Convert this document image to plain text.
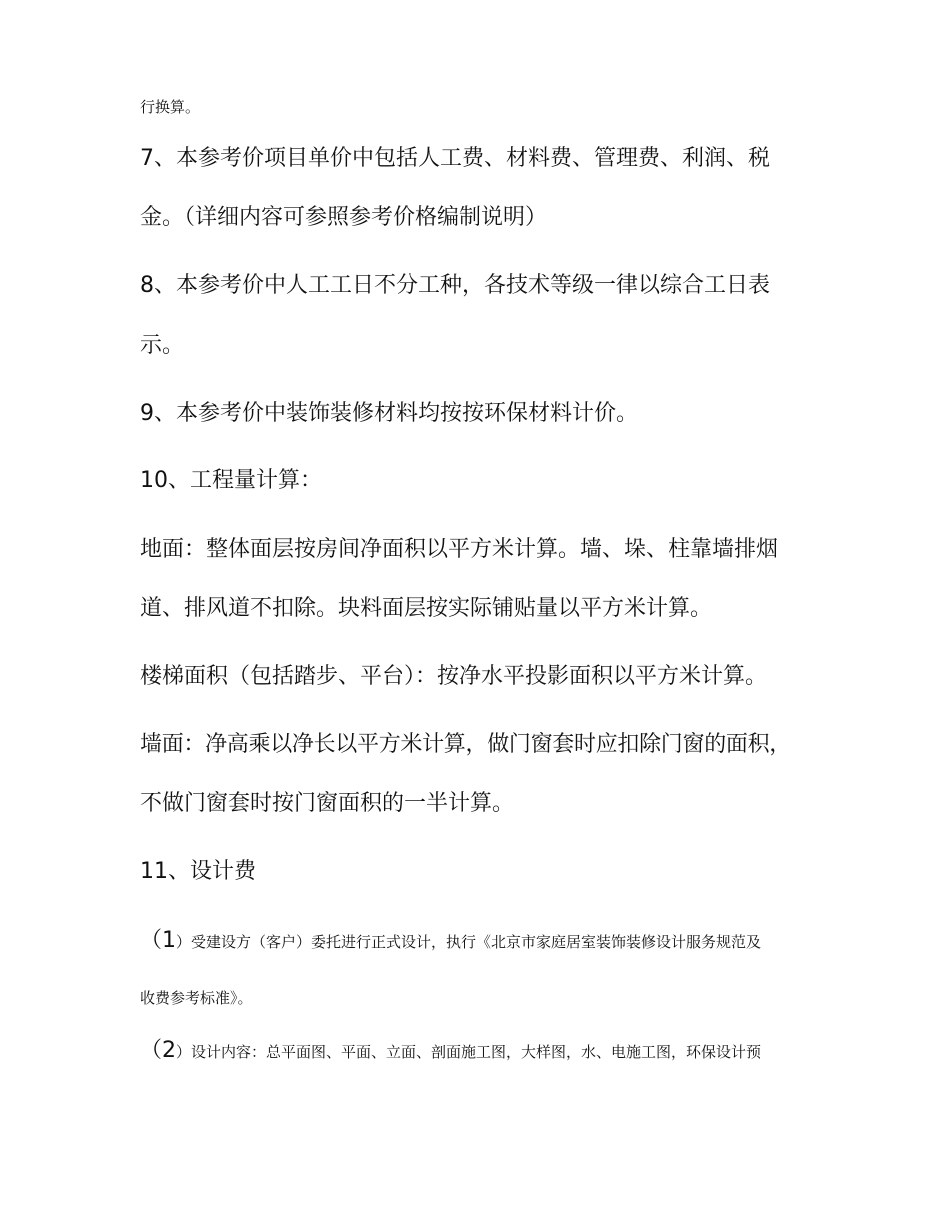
行换算。
7、本参考价项目单价中包括人工费、材料费、管理费、利润、税
金。（详细内容可参照参考价格编制说明）
8、本参考价中人工工日不分工种，各技术等级一律以综合工日表
示。
9、本参考价中装饰装修材料均按按环保材料计价。
10、工程量计算：
地面：整体面层按房间净面积以平方米计算。墙、垛、柱靠墙排烟
道、排风道不扣除。块料面层按实际铺贴量以平方米计算。
楼梯面积（包括踏步、平台）：按净水平投影面积以平方米计算。
墙面：净高乘以净长以平方米计算，做门窗套时应扣除门窗的面积，
不做门窗套时按门窗面积的一半计算。
11、设计费
（1）受建设方（客户）委托进行正式设计，执行《北京市家庭居室装饰装修设计服务规范及
收费参考标准》。
（2）设计内容：总平面图、平面、立面、剖面施工图，大样图，水、电施工图，环保设计预
